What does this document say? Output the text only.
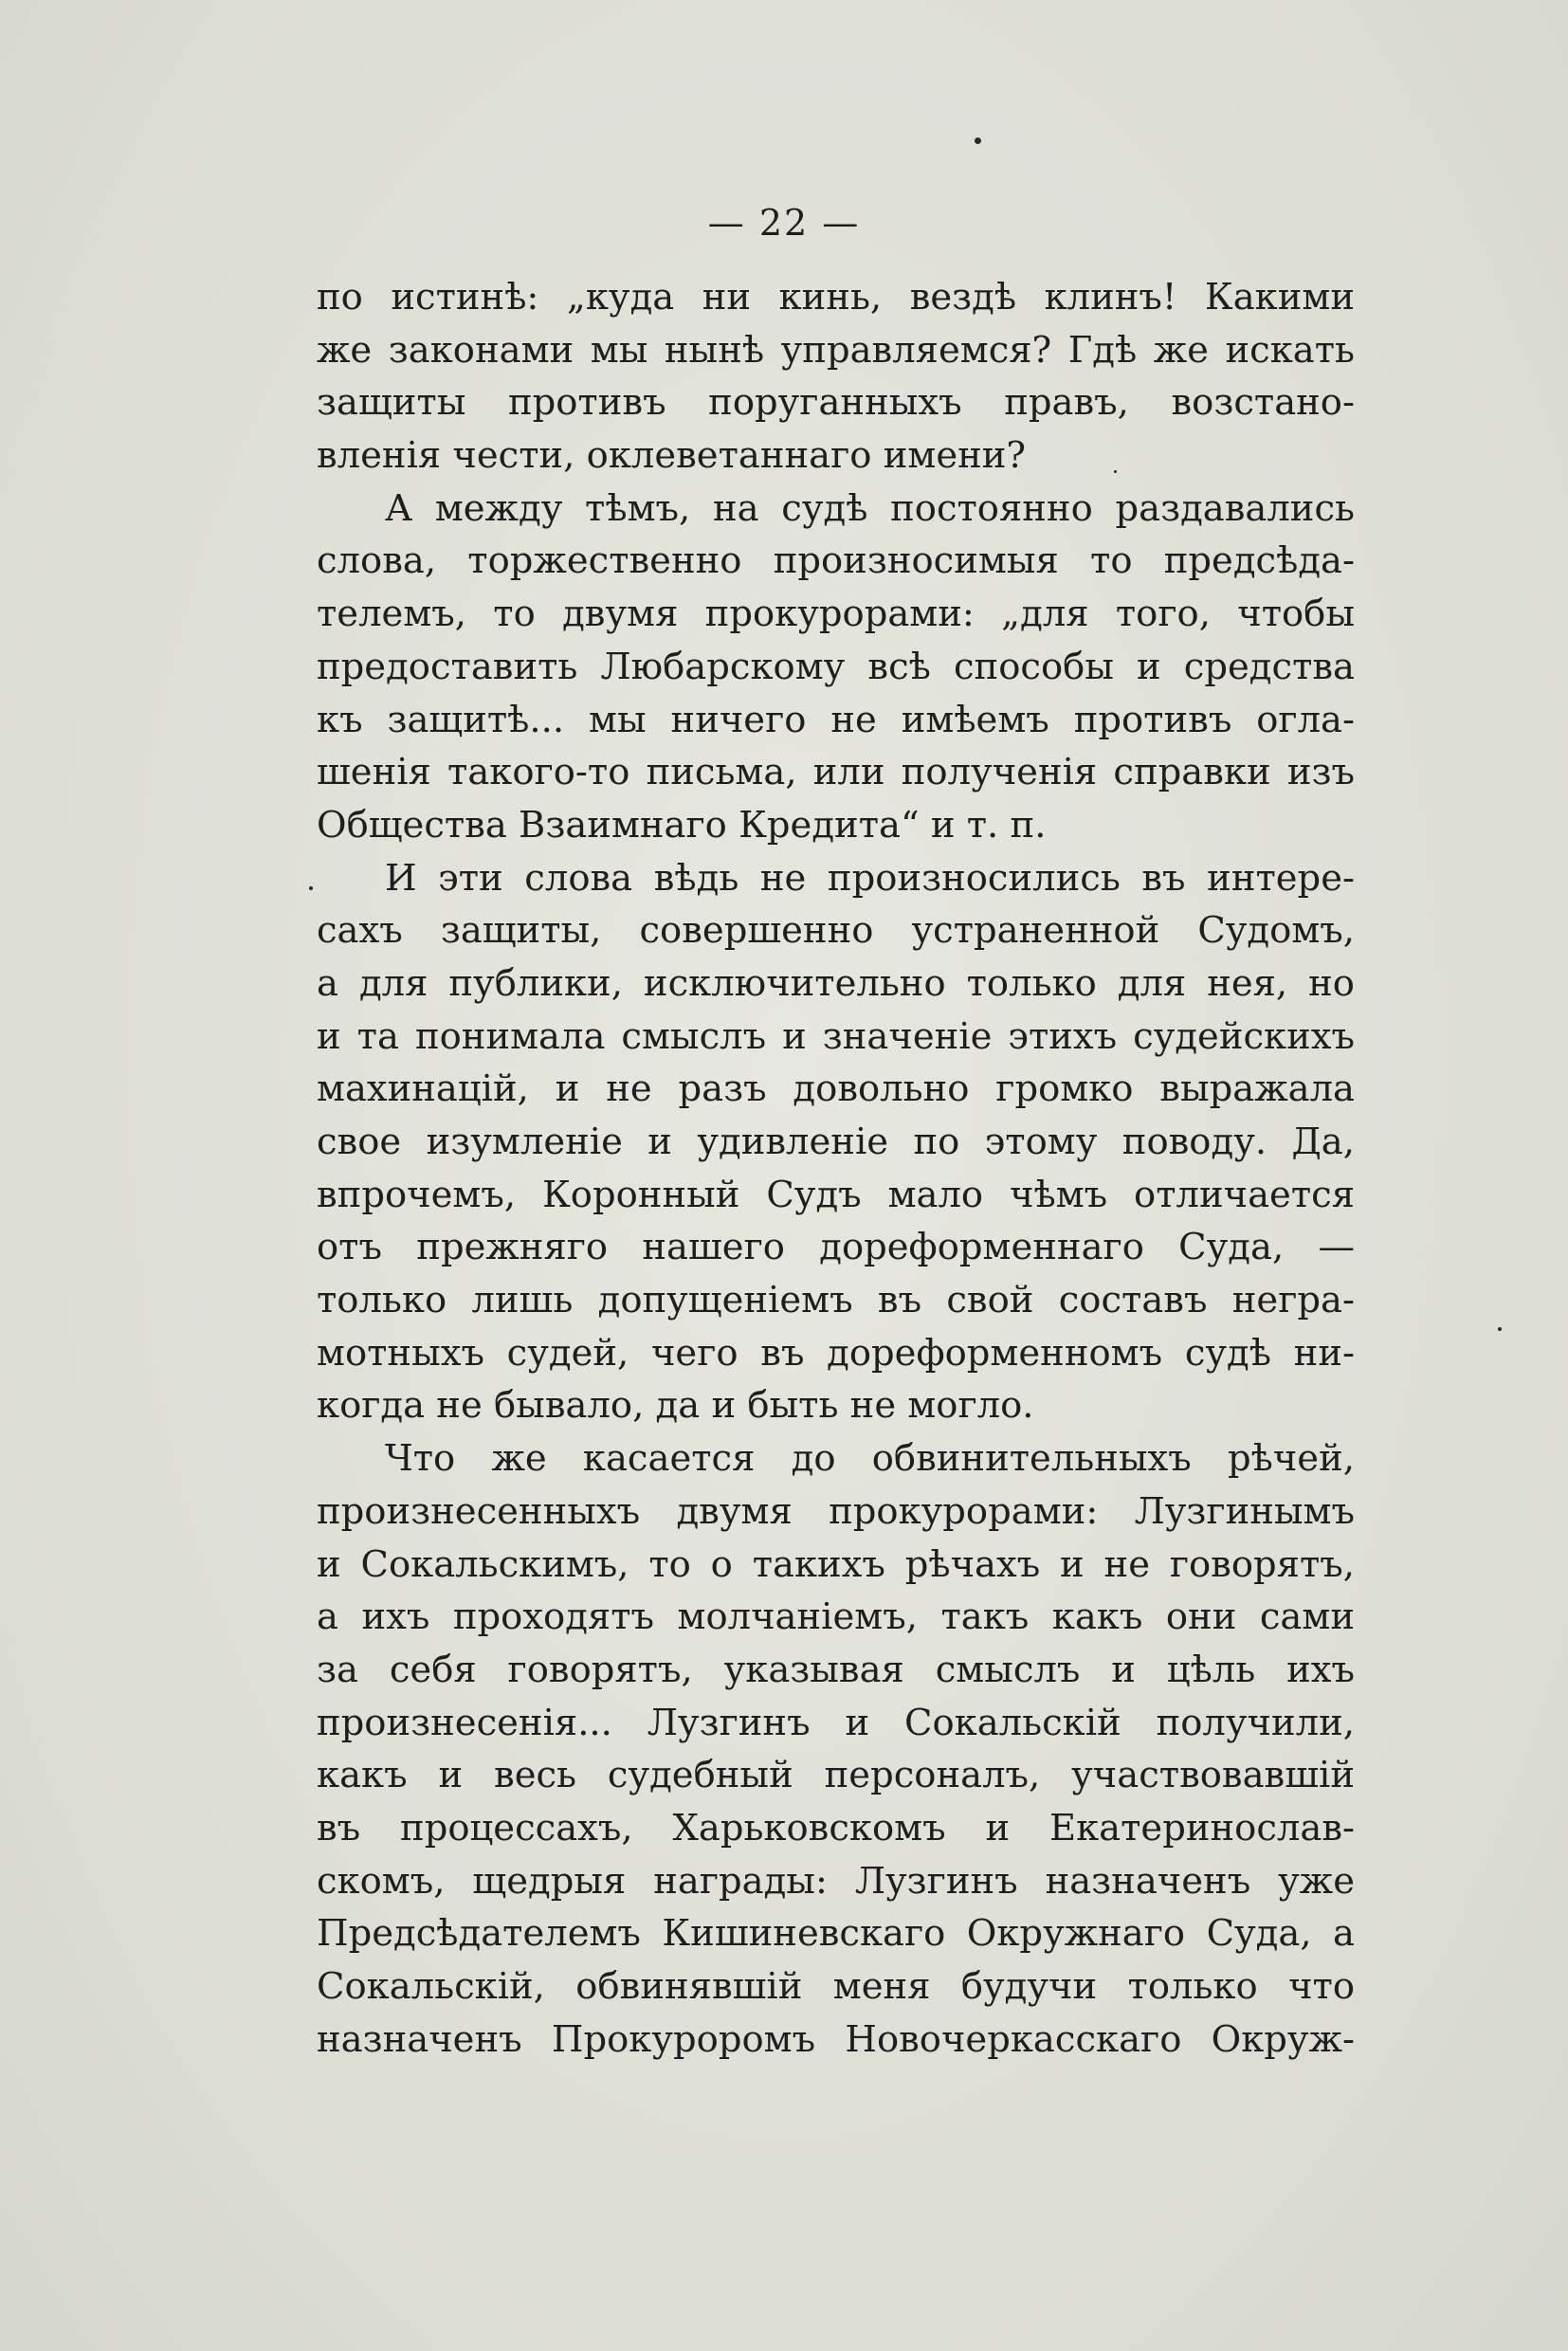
— 22 —
по истинѣ: „куда ни кинь, вездѣ клинъ! Какими
же законами мы нынѣ управляемся? Гдѣ же искать
защиты противъ поруганныхъ правъ, возстано-
вленія чести, оклеветаннаго имени?
А между тѣмъ, на судѣ постоянно раздавались
слова, торжественно произносимыя то предсѣда-
телемъ, то двумя прокурорами: „для того, чтобы
предоставить Любарскому всѣ способы и средства
къ защитѣ... мы ничего не имѣемъ противъ огла-
шенія такого-то письма, или полученія справки изъ
Общества Взаимнаго Кредита“ и т. п.
И эти слова вѣдь не произносились въ интере-
сахъ защиты, совершенно устраненной Судомъ,
а для публики, исключительно только для нея, но
и та понимала смыслъ и значеніе этихъ судейскихъ
махинацій, и не разъ довольно громко выражала
свое изумленіе и удивленіе по этому поводу. Да,
впрочемъ, Коронный Судъ мало чѣмъ отличается
отъ прежняго нашего дореформеннаго Суда, —
только лишь допущеніемъ въ свой составъ негра-
мотныхъ судей, чего въ дореформенномъ судѣ ни-
когда не бывало, да и быть не могло.
Что же касается до обвинительныхъ рѣчей,
произнесенныхъ двумя прокурорами: Лузгинымъ
и Сокальскимъ, то о такихъ рѣчахъ и не говорятъ,
а ихъ проходятъ молчаніемъ, такъ какъ они сами
за себя говорятъ, указывая смыслъ и цѣль ихъ
произнесенія... Лузгинъ и Сокальскій получили,
какъ и весь судебный персоналъ, участвовавшій
въ процессахъ, Харьковскомъ и Екатеринослав-
скомъ, щедрыя награды: Лузгинъ назначенъ уже
Предсѣдателемъ Кишиневскаго Окружнаго Суда, а
Сокальскій, обвинявшій меня будучи только что
назначенъ Прокуроромъ Новочеркасскаго Окруж-
